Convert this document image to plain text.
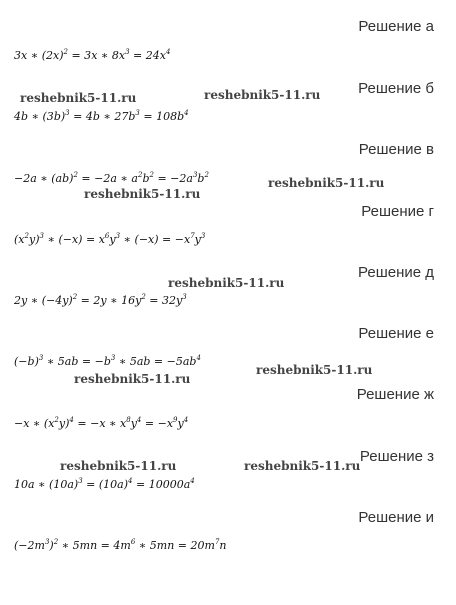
Решение а
Решение б
Решение в
Решение г
Решение д
Решение е
Решение ж
Решение з
Решение и
3x ∗ $(2x)^2 = 3x$ ∗ $8x^3 = 24x^4$
4b ∗ $(3b)^3 = 4b$ ∗ $27b^3 = 108b^4$
−2a ∗ (ab)$^2$ = −2a ∗ $a^2b^2 = -2a^3b^2$
$(x^2y)^3$ ∗ $(-x) = x^6y^3$ ∗ $(-x) = -x^7y^3$
2y ∗ $(-4y)^2 = 2y$ ∗ $16y^2 = 32y^3$
$(-b)^3$ ∗ $5ab = -b^3$ ∗ $5ab = -5ab^4$
−x ∗ $(x^2y)^4 = -x$ ∗ $x^8y^4 = -x^9y^4$
10a ∗ $(10a)^3 = (10a)^4 = 10000a^4$
$(-2m^3)^2$ ∗ $5mn = 4m^6$ ∗ $5mn = 20m^7n$
reshebnik5-11.ru	reshebnik5-11.ru
reshebnik5-11.ru
reshebnik5-11.ru
reshebnik5-11.ru
reshebnik5-11.ru
reshebnik5-11.ru
reshebnik5-11.ru	reshebnik5-11.ru
